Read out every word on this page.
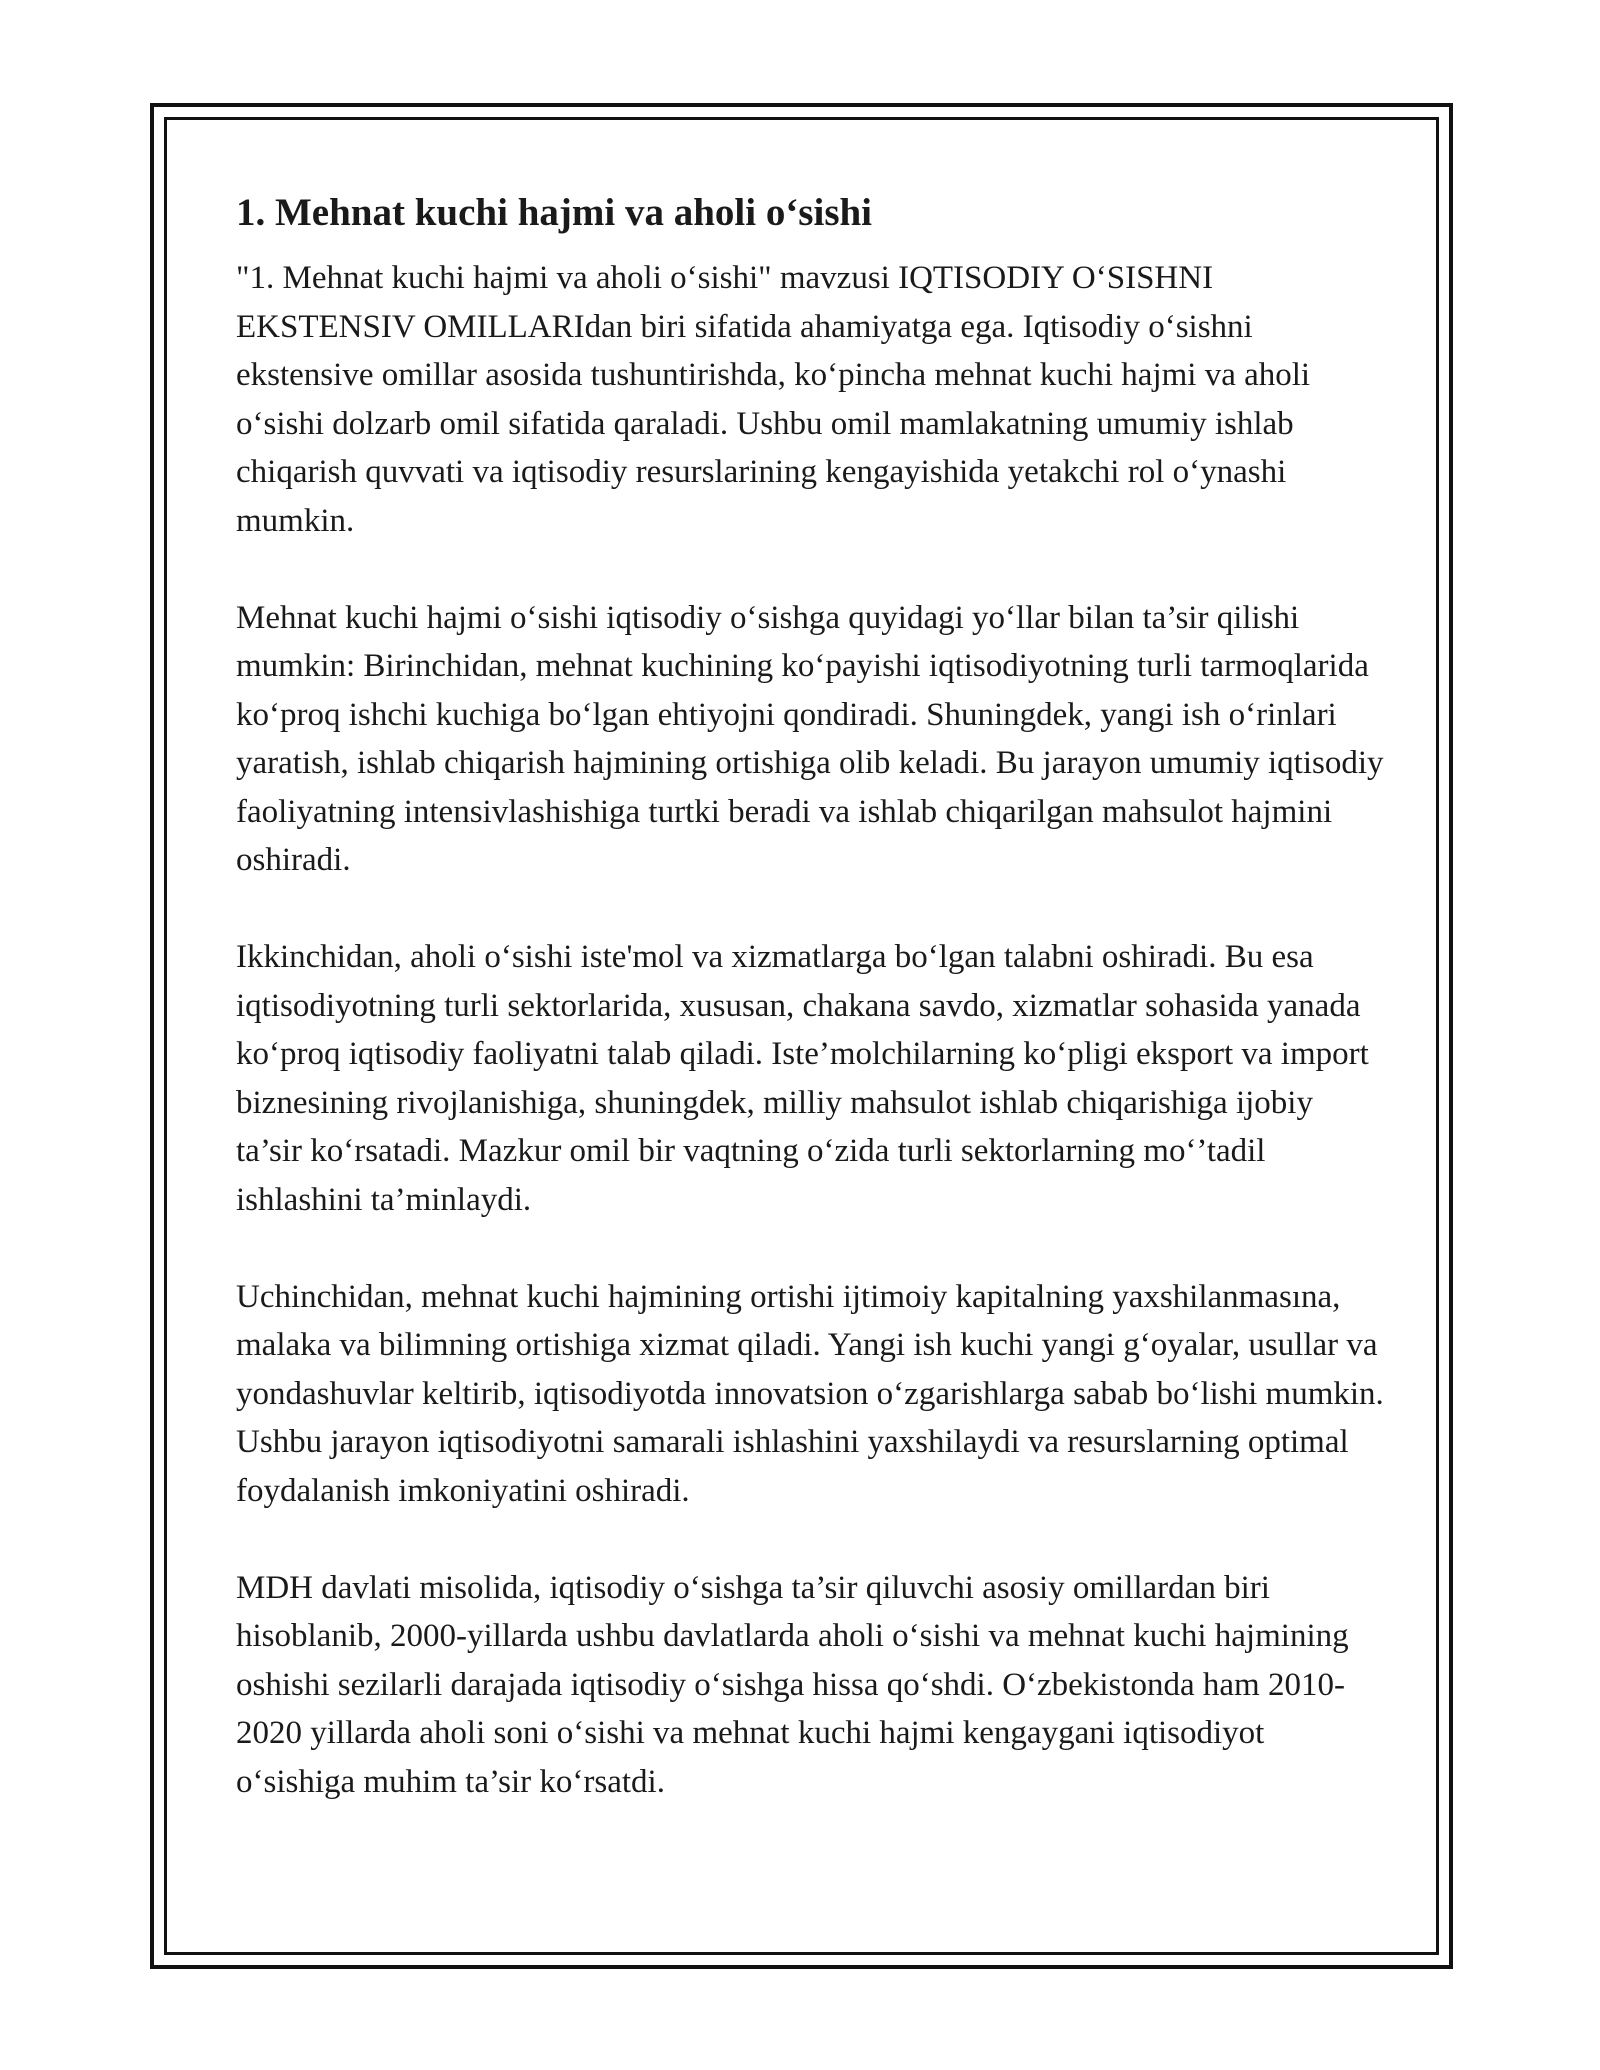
1. Mehnat kuchi hajmi va aholi o‘sishi

"1. Mehnat kuchi hajmi va aholi o‘sishi" mavzusi IQTISODIY O‘SISHNI EKSTENSIV OMILLARIdan biri sifatida ahamiyatga ega. Iqtisodiy o‘sishni ekstensive omillar asosida tushuntirishda, ko‘pincha mehnat kuchi hajmi va aholi o‘sishi dolzarb omil sifatida qaraladi. Ushbu omil mamlakatning umumiy ishlab chiqarish quvvati va iqtisodiy resurslarining kengayishida yetakchi rol o‘ynashi mumkin.

Mehnat kuchi hajmi o‘sishi iqtisodiy o‘sishga quyidagi yo‘llar bilan ta’sir qilishi mumkin: Birinchidan, mehnat kuchining ko‘payishi iqtisodiyotning turli tarmoqlarida ko‘proq ishchi kuchiga bo‘lgan ehtiyojni qondiradi. Shuningdek, yangi ish o‘rinlari yaratish, ishlab chiqarish hajmining ortishiga olib keladi. Bu jarayon umumiy iqtisodiy faoliyatning intensivlashishiga turtki beradi va ishlab chiqarilgan mahsulot hajmini oshiradi.

Ikkinchidan, aholi o‘sishi iste'mol va xizmatlarga bo‘lgan talabni oshiradi. Bu esa iqtisodiyotning turli sektorlarida, xususan, chakana savdo, xizmatlar sohasida yanada ko‘proq iqtisodiy faoliyatni talab qiladi. Iste’molchilarning ko‘pligi eksport va import biznesining rivojlanishiga, shuningdek, milliy mahsulot ishlab chiqarishiga ijobiy ta’sir ko‘rsatadi. Mazkur omil bir vaqtning o‘zida turli sektorlarning mo‘’tadil ishlashini ta’minlaydi.

Uchinchidan, mehnat kuchi hajmining ortishi ijtimoiy kapitalning yaxshilanmasına, malaka va bilimning ortishiga xizmat qiladi. Yangi ish kuchi yangi g‘oyalar, usullar va yondashuvlar keltirib, iqtisodiyotda innovatsion o‘zgarishlarga sabab bo‘lishi mumkin. Ushbu jarayon iqtisodiyotni samarali ishlashini yaxshilaydi va resurslarning optimal foydalanish imkoniyatini oshiradi.

MDH davlati misolida, iqtisodiy o‘sishga ta’sir qiluvchi asosiy omillardan biri hisoblanib, 2000-yillarda ushbu davlatlarda aholi o‘sishi va mehnat kuchi hajmining oshishi sezilarli darajada iqtisodiy o‘sishga hissa qo‘shdi. O‘zbekistonda ham 2010-2020 yillarda aholi soni o‘sishi va mehnat kuchi hajmi kengaygani iqtisodiyot o‘sishiga muhim ta’sir ko‘rsatdi.
